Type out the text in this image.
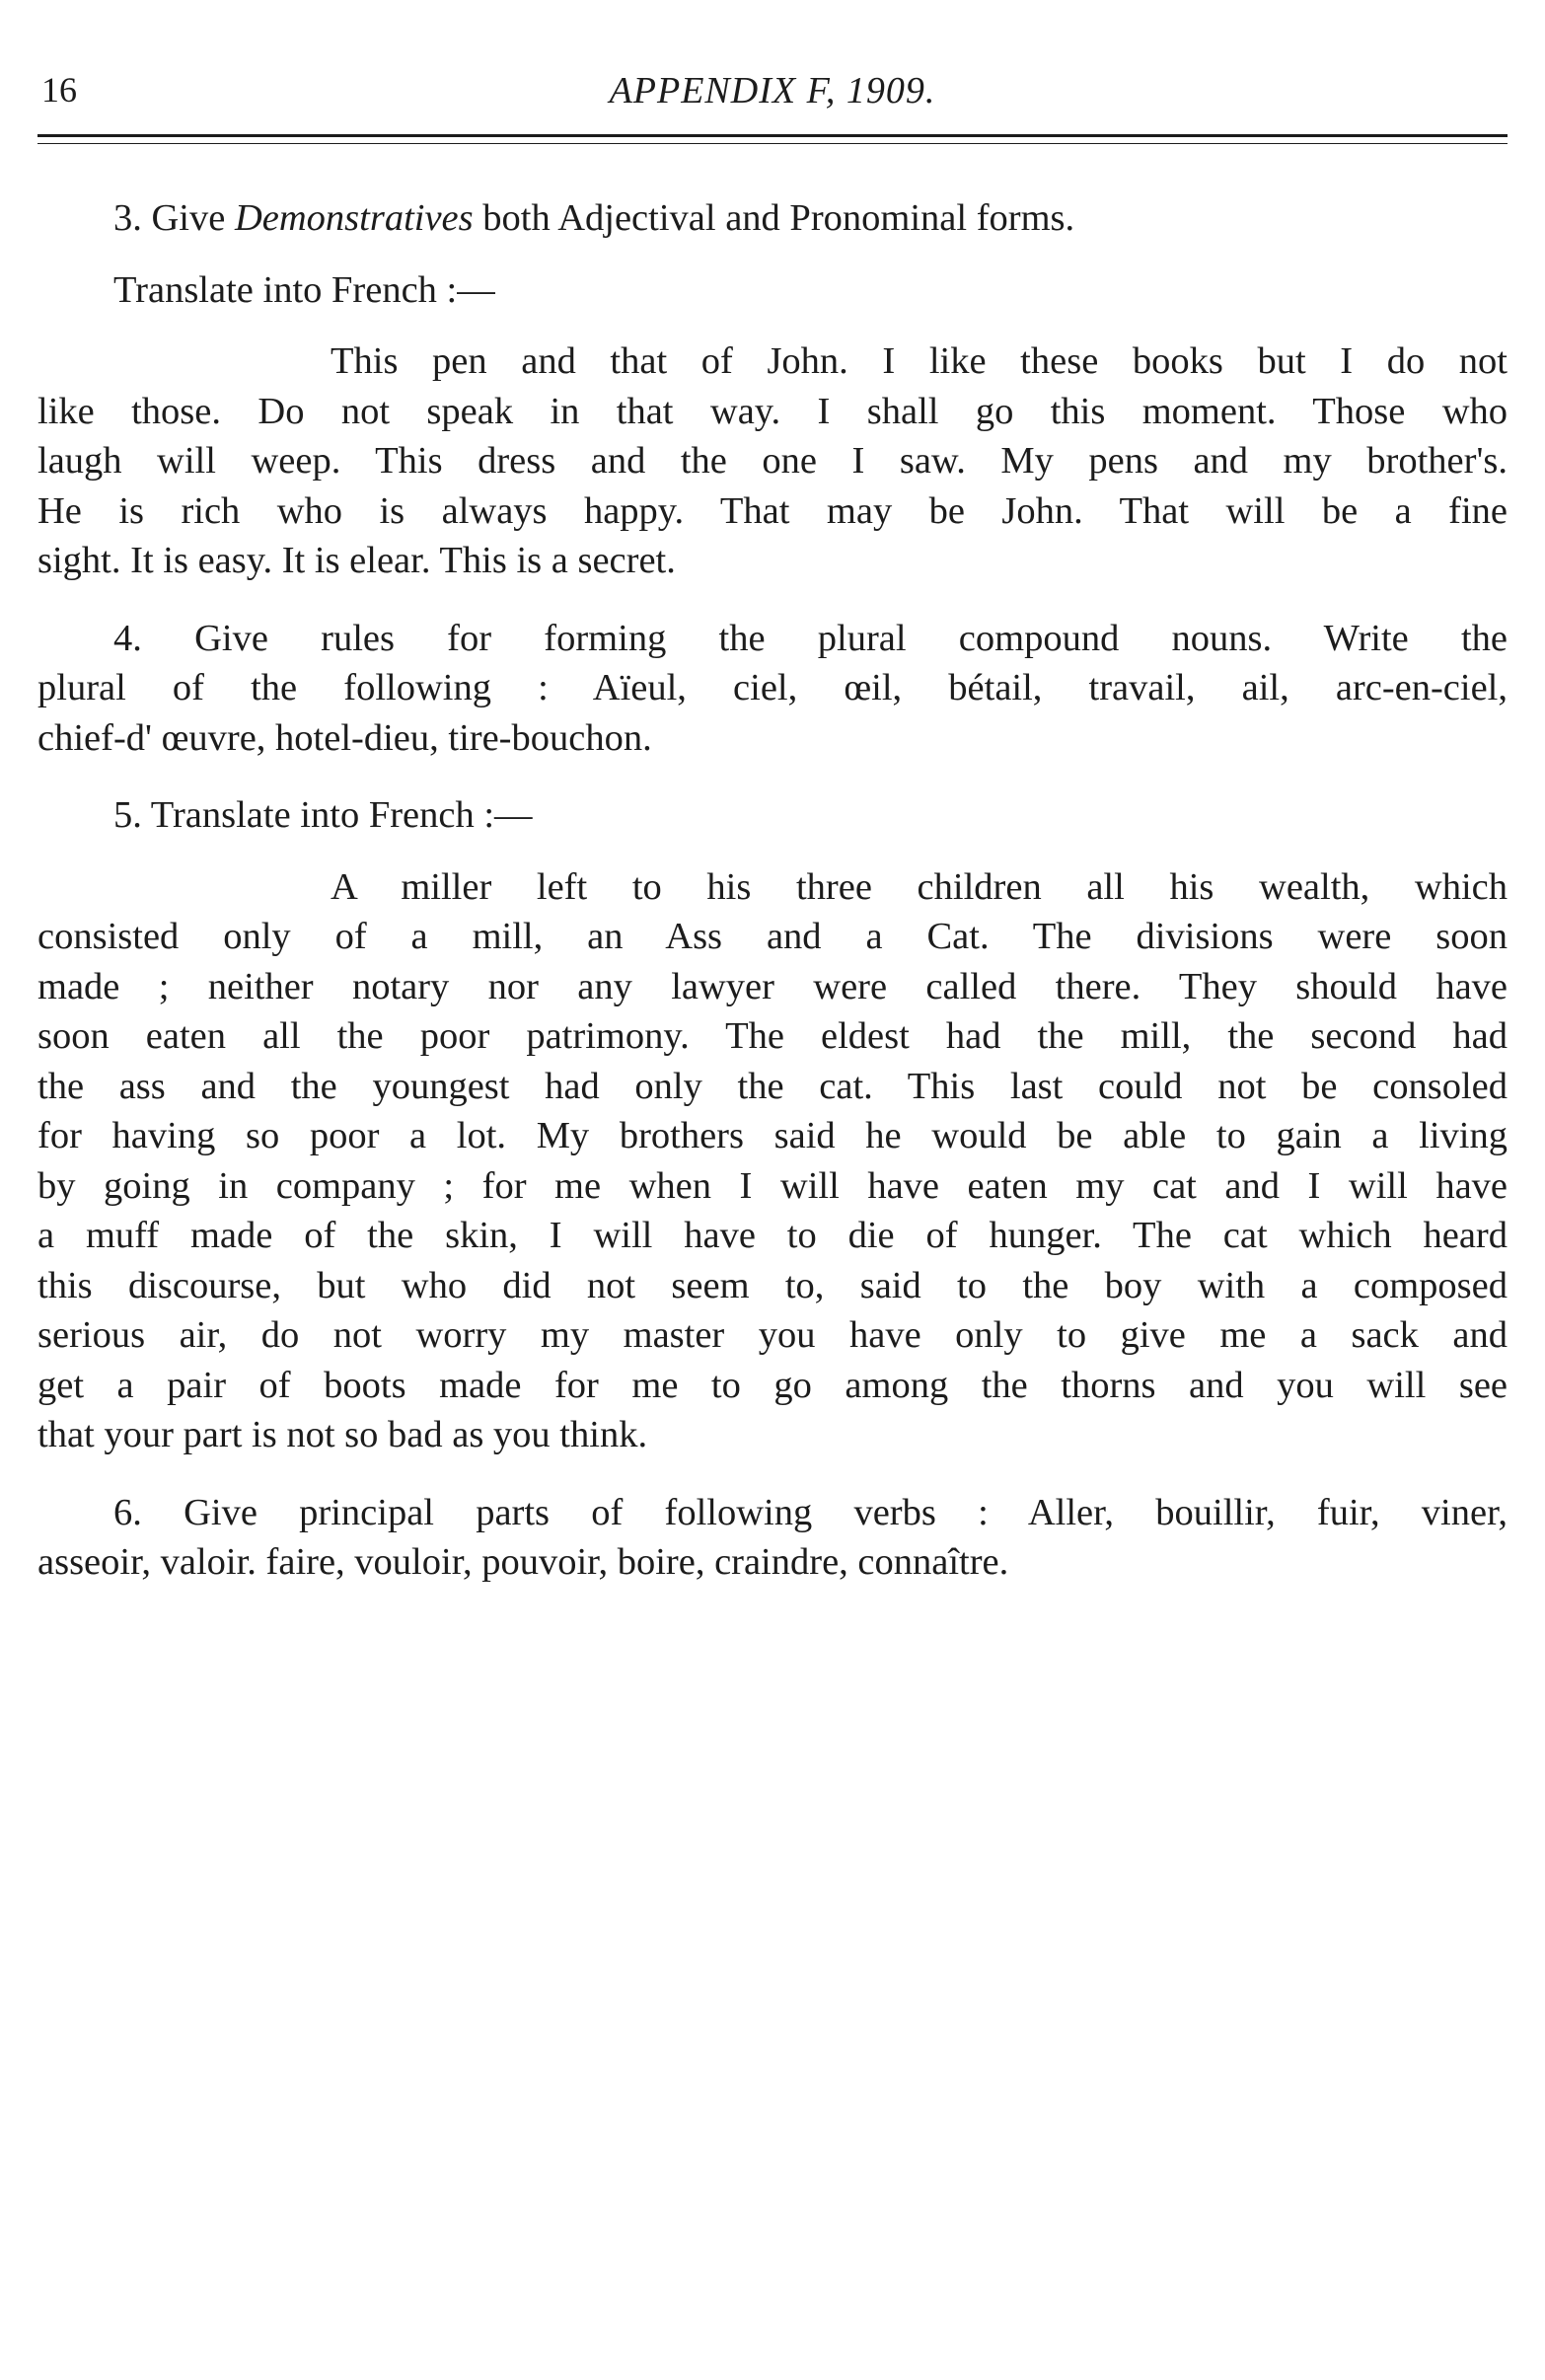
16	APPENDIX F, 1909.
3. Give Demonstratives both Adjectival and Pronominal forms.
Translate into French :—
This pen and that of John. I like these books but I do not
like those. Do not speak in that way. I shall go this moment. Those who
laugh will weep. This dress and the one I saw. My pens and my brother's.
He is rich who is always happy. That may be John. That will be a fine
sight. It is easy. It is elear. This is a secret.
4. Give rules for forming the plural compound nouns. Write the
plural of the following : Aïeul, ciel, œil, bétail, travail, ail, arc-en-ciel,
chief-d' œuvre, hotel-dieu, tire-bouchon.
5. Translate into French :—
A miller left to his three children all his wealth, which
consisted only of a mill, an Ass and a Cat. The divisions were soon
made ; neither notary nor any lawyer were called there. They should have
soon eaten all the poor patrimony. The eldest had the mill, the second had
the ass and the youngest had only the cat. This last could not be consoled
for having so poor a lot. My brothers said he would be able to gain a living
by going in company ; for me when I will have eaten my cat and I will have
a muff made of the skin, I will have to die of hunger. The cat which heard
this discourse, but who did not seem to, said to the boy with a composed
serious air, do not worry my master you have only to give me a sack and
get a pair of boots made for me to go among the thorns and you will see
that your part is not so bad as you think.
6. Give principal parts of following verbs : Aller, bouillir, fuir, viner,
asseoir, valoir. faire, vouloir, pouvoir, boire, craindre, connaître.
